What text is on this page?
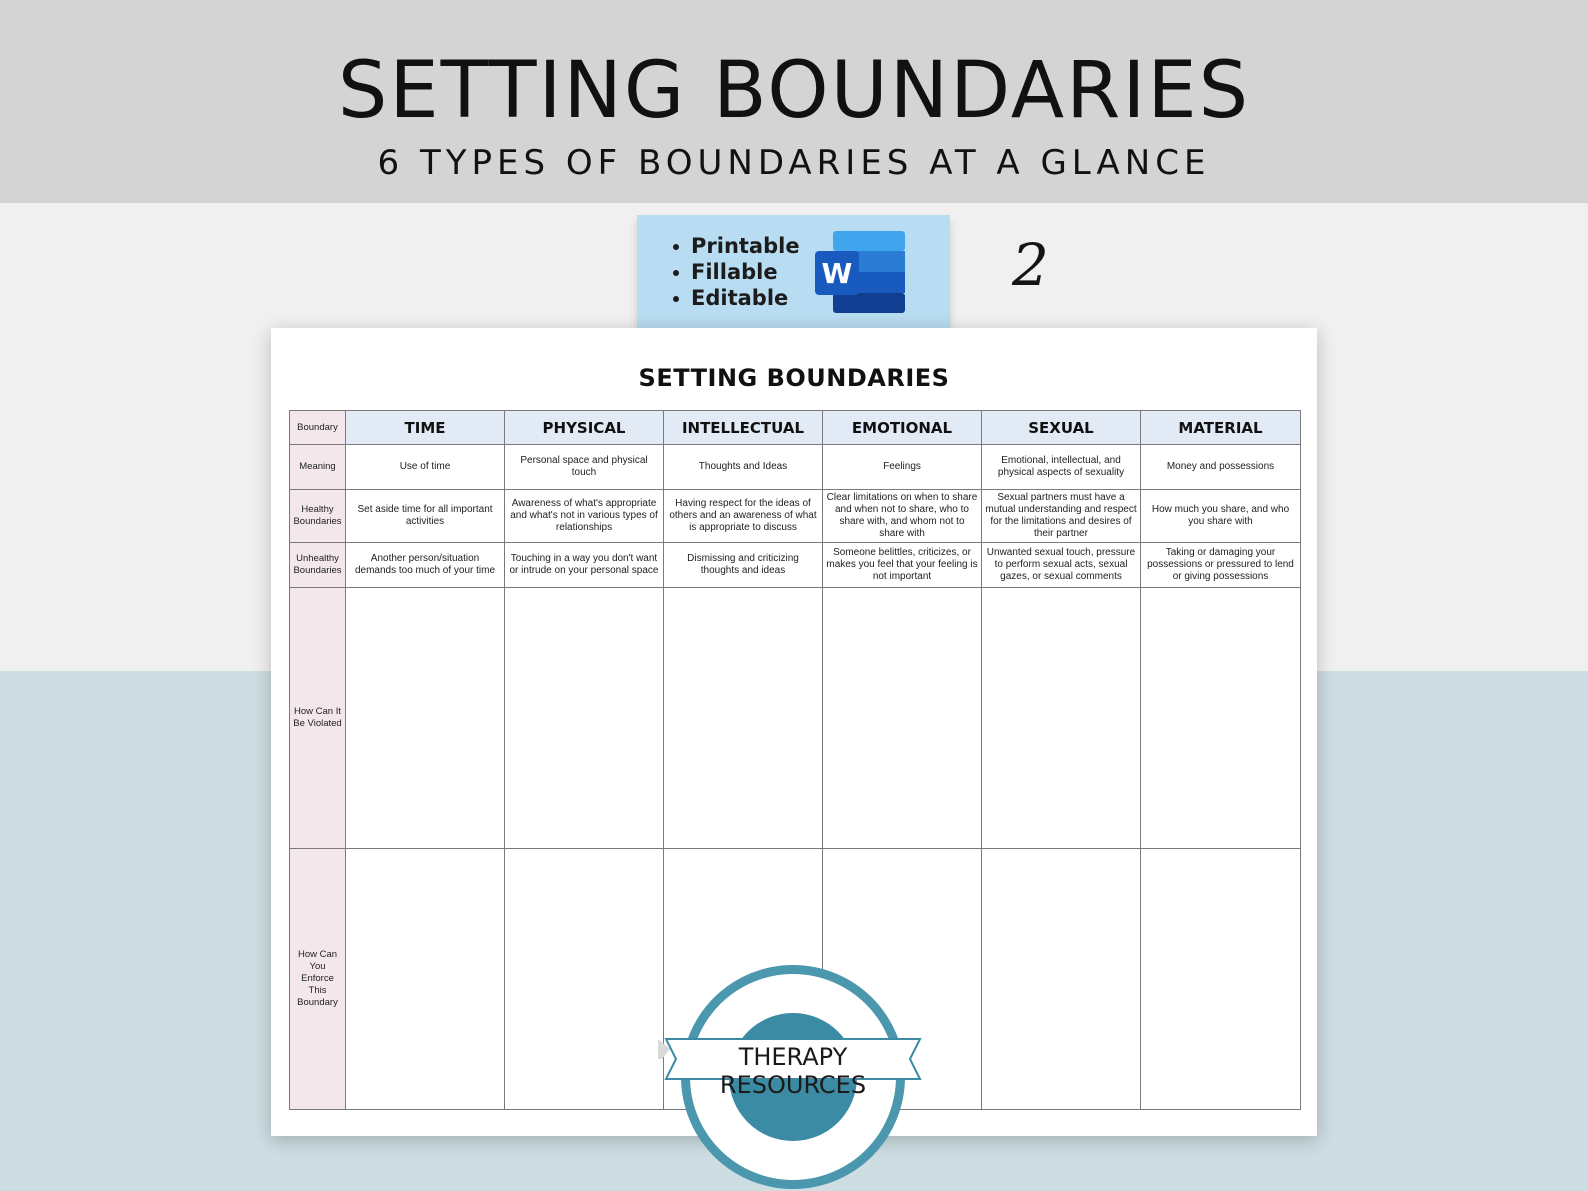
SETTING BOUNDARIES
6 TYPES OF BOUNDARIES AT A GLANCE
Printable
Fillable
Editable
W	2
SETTING BOUNDARIES
Boundary	TIME	PHYSICAL	INTELLECTUAL	EMOTIONAL	SEXUAL	MATERIAL
Meaning	Use of time	Personal space and physical touch	Thoughts and Ideas	Feelings	Emotional, intellectual, and physical aspects of sexuality	Money and possessions
Healthy Boundaries	Set aside time for all important activities	Awareness of what's appropriate and what's not in various types of relationships	Having respect for the ideas of others and an awareness of what is appropriate to discuss	Clear limitations on when to share and when not to share, who to share with, and whom not to share with	Sexual partners must have a mutual understanding and respect for the limitations and desires of their partner	How much you share, and who you share with
Unhealthy Boundaries	Another person/situation demands too much of your time	Touching in a way you don't want or intrude on your personal space	Dismissing and criticizing thoughts and ideas	Someone belittles, criticizes, or makes you feel that your feeling is not important	Unwanted sexual touch, pressure to perform sexual acts, sexual gazes, or sexual comments	Taking or damaging your possessions or pressured to lend or giving possessions
How Can It Be Violated						
How Can You Enforce This Boundary						
THERAPY
RESOURCES
